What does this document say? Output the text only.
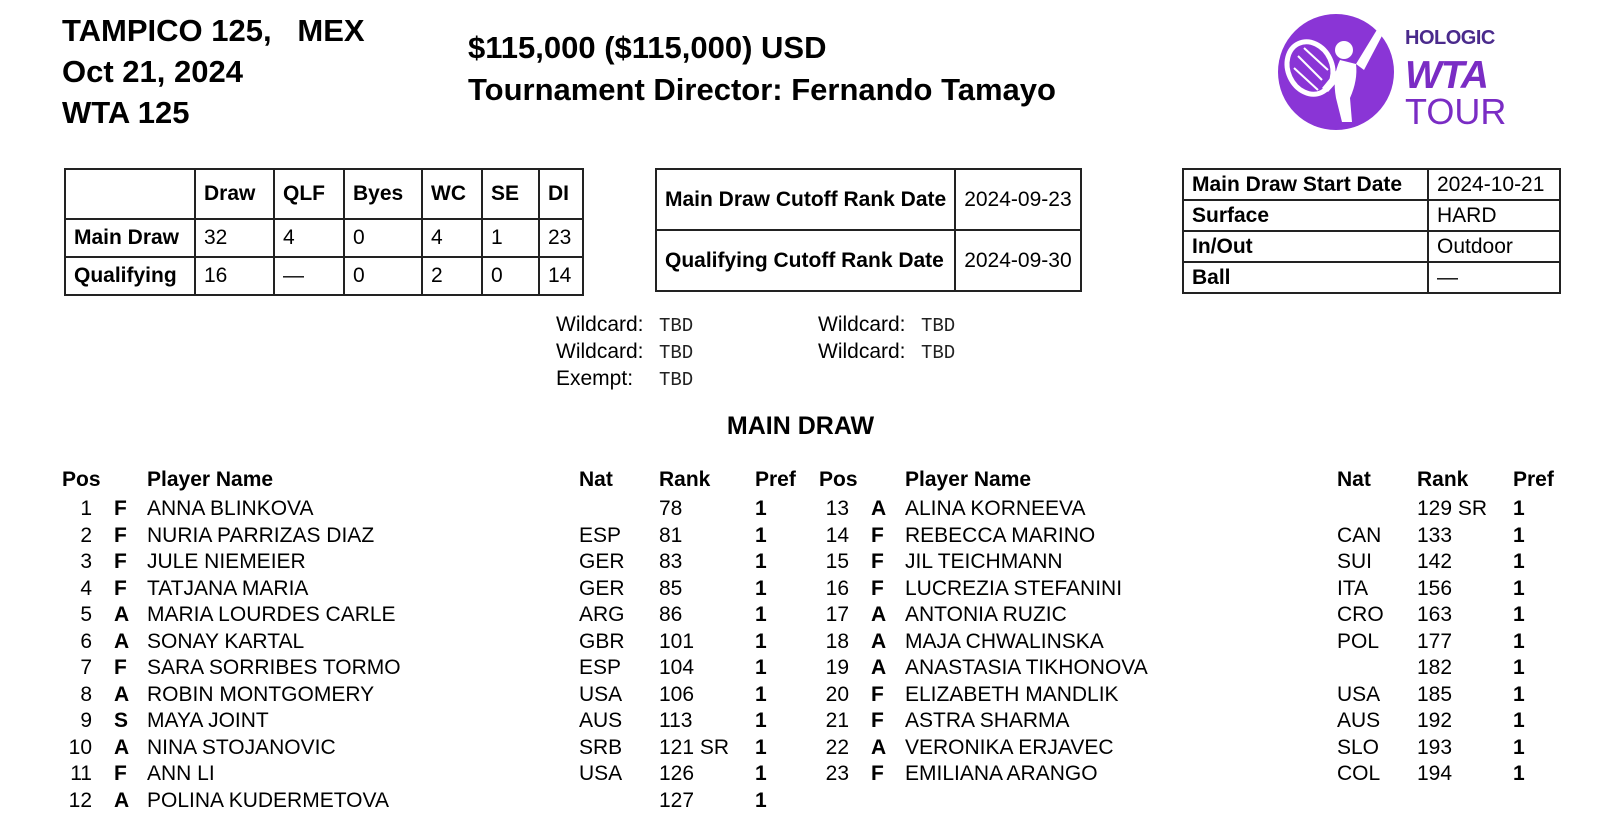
TAMPICO 125,   MEX
Oct 21, 2024
WTA 125
$115,000 ($115,000) USD
Tournament Director: Fernando Tamayo
HOLOGIC
WTA
TOUR
	Draw	QLF	Byes	WC	SE	DI
Main Draw	32	4	0	4	1	23
Qualifying	16	—	0	2	0	14
Main Draw Cutoff Rank Date	2024-09-23
Qualifying Cutoff Rank Date	2024-09-30
Main Draw Start Date	2024-10-21
Surface	HARD
In/Out	Outdoor
Ball	—
Wildcard: TBD
Wildcard: TBD
Exempt: TBD
Wildcard: TBD
Wildcard: TBD
MAIN DRAW
Pos Player Name	Nat Rank Pref Pos Player Name	Nat Rank Pref
1 F ANNA BLINKOVA	78	1
2 F NURIA PARRIZAS DIAZ	ESP 81	1
3 F JULE NIEMEIER	GER 83	1
4 F TATJANA MARIA	GER 85	1
5 A MARIA LOURDES CARLE	ARG 86	1
6 A SONAY KARTAL	GBR 101	1
7 F SARA SORRIBES TORMO	ESP 104	1
8 A ROBIN MONTGOMERY	USA 106	1
9 S MAYA JOINT	AUS 113	1
10 A NINA STOJANOVIC	SRB 121 SR 1
11 F ANN LI	USA 126	1
12 A POLINA KUDERMETOVA	127	1
13 A ALINA KORNEEVA	129 SR 1
14 F REBECCA MARINO	CAN 133	1
15 F JIL TEICHMANN	SUI 142	1
16 F LUCREZIA STEFANINI	ITA 156	1
17 A ANTONIA RUZIC	CRO 163	1
18 A MAJA CHWALINSKA	POL 177	1
19 A ANASTASIA TIKHONOVA	182	1
20 F ELIZABETH MANDLIK	USA 185	1
21 F ASTRA SHARMA	AUS 192	1
22 A VERONIKA ERJAVEC	SLO 193	1
23 F EMILIANA ARANGO	COL 194	1
